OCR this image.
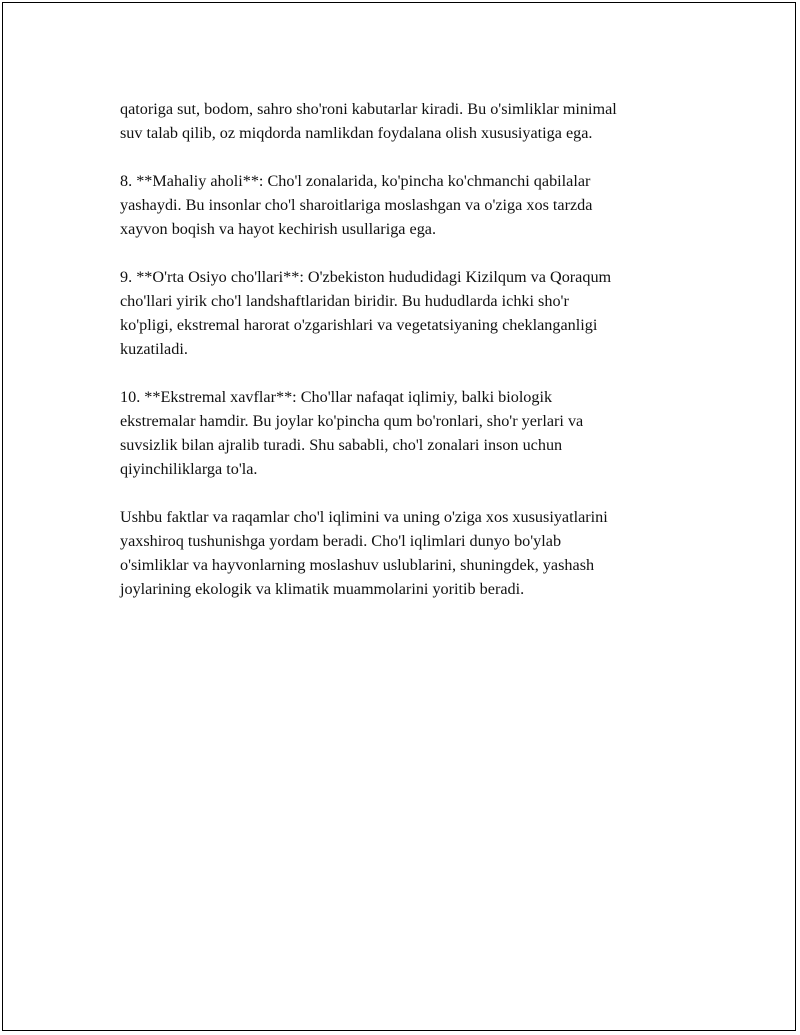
qatoriga sut, bodom, sahro sho'roni kabutarlar kiradi. Bu o'simliklar minimal
suv talab qilib, oz miqdorda namlikdan foydalana olish xususiyatiga ega.

8. **Mahaliy aholi**: Cho'l zonalarida, ko'pincha ko'chmanchi qabilalar
yashaydi. Bu insonlar cho'l sharoitlariga moslashgan va o'ziga xos tarzda
xayvon boqish va hayot kechirish usullariga ega.

9. **O'rta Osiyo cho'llari**: O'zbekiston hududidagi Kizilqum va Qoraqum
cho'llari yirik cho'l landshaftlaridan biridir. Bu hududlarda ichki sho'r
ko'pligi, ekstremal harorat o'zgarishlari va vegetatsiyaning cheklanganligi
kuzatiladi.

10. **Ekstremal xavflar**: Cho'llar nafaqat iqlimiy, balki biologik
ekstremalar hamdir. Bu joylar ko'pincha qum bo'ronlari, sho'r yerlari va
suvsizlik bilan ajralib turadi. Shu sababli, cho'l zonalari inson uchun
qiyinchiliklarga to'la.

Ushbu faktlar va raqamlar cho'l iqlimini va uning o'ziga xos xususiyatlarini
yaxshiroq tushunishga yordam beradi. Cho'l iqlimlari dunyo bo'ylab
o'simliklar va hayvonlarning moslashuv uslublarini, shuningdek, yashash
joylarining ekologik va klimatik muammolarini yoritib beradi.
